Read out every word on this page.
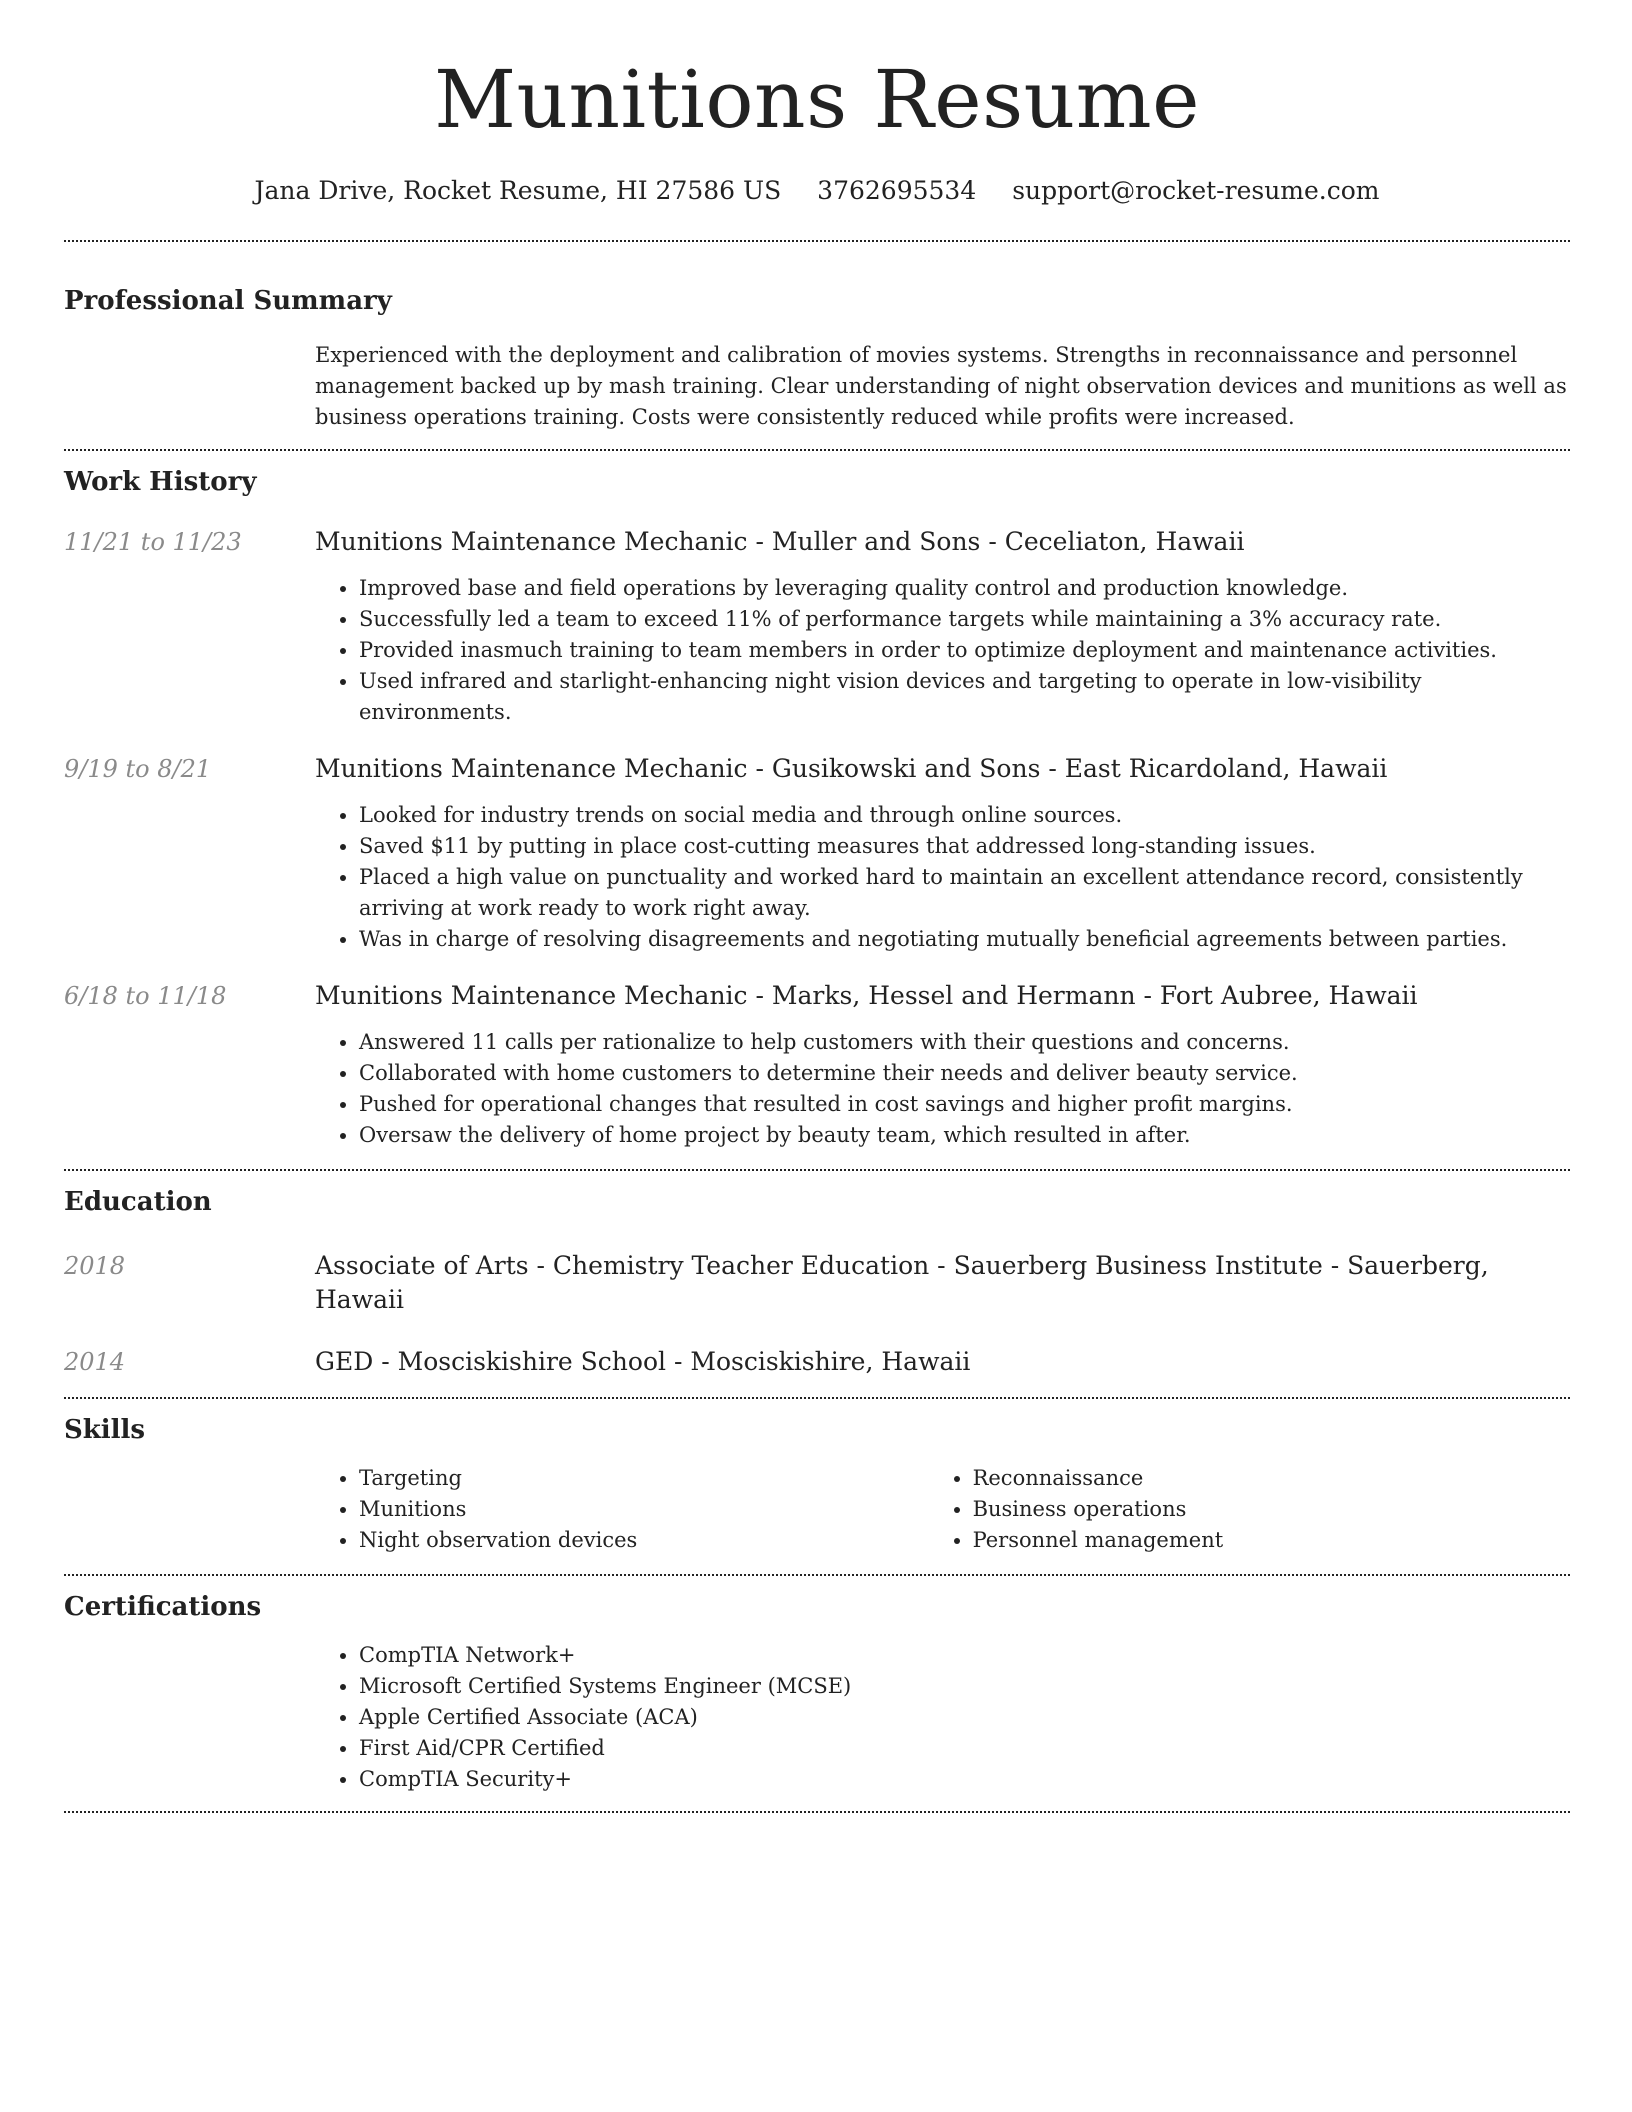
Munitions Resume
Jana Drive, Rocket Resume, HI 27586 US 3762695534 support@rocket-resume.com
Professional Summary
Experienced with the deployment and calibration of movies systems. Strengths in reconnaissance and personnel management backed up by mash training. Clear understanding of night observation devices and munitions as well as business operations training. Costs were consistently reduced while profits were increased.
Work History
11/21 to 11/23	Munitions Maintenance Mechanic - Muller and Sons - Ceceliaton, Hawaii
• Improved base and field operations by leveraging quality control and production knowledge.
• Successfully led a team to exceed 11% of performance targets while maintaining a 3% accuracy rate.
• Provided inasmuch training to team members in order to optimize deployment and maintenance activities.
• Used infrared and starlight-enhancing night vision devices and targeting to operate in low-visibility environments.
9/19 to 8/21	Munitions Maintenance Mechanic - Gusikowski and Sons - East Ricardoland, Hawaii
• Looked for industry trends on social media and through online sources.
• Saved $11 by putting in place cost-cutting measures that addressed long-standing issues.
• Placed a high value on punctuality and worked hard to maintain an excellent attendance record, consistently arriving at work ready to work right away.
• Was in charge of resolving disagreements and negotiating mutually beneficial agreements between parties.
6/18 to 11/18	Munitions Maintenance Mechanic - Marks, Hessel and Hermann - Fort Aubree, Hawaii
• Answered 11 calls per rationalize to help customers with their questions and concerns.
• Collaborated with home customers to determine their needs and deliver beauty service.
• Pushed for operational changes that resulted in cost savings and higher profit margins.
• Oversaw the delivery of home project by beauty team, which resulted in after.
Education
2018	Associate of Arts - Chemistry Teacher Education - Sauerberg Business Institute - Sauerberg, Hawaii
2014	GED - Mosciskishire School - Mosciskishire, Hawaii
Skills
• Targeting
• Munitions
• Night observation devices
• Reconnaissance
• Business operations
• Personnel management
Certifications
• CompTIA Network+
• Microsoft Certified Systems Engineer (MCSE)
• Apple Certified Associate (ACA)
• First Aid/CPR Certified
• CompTIA Security+
